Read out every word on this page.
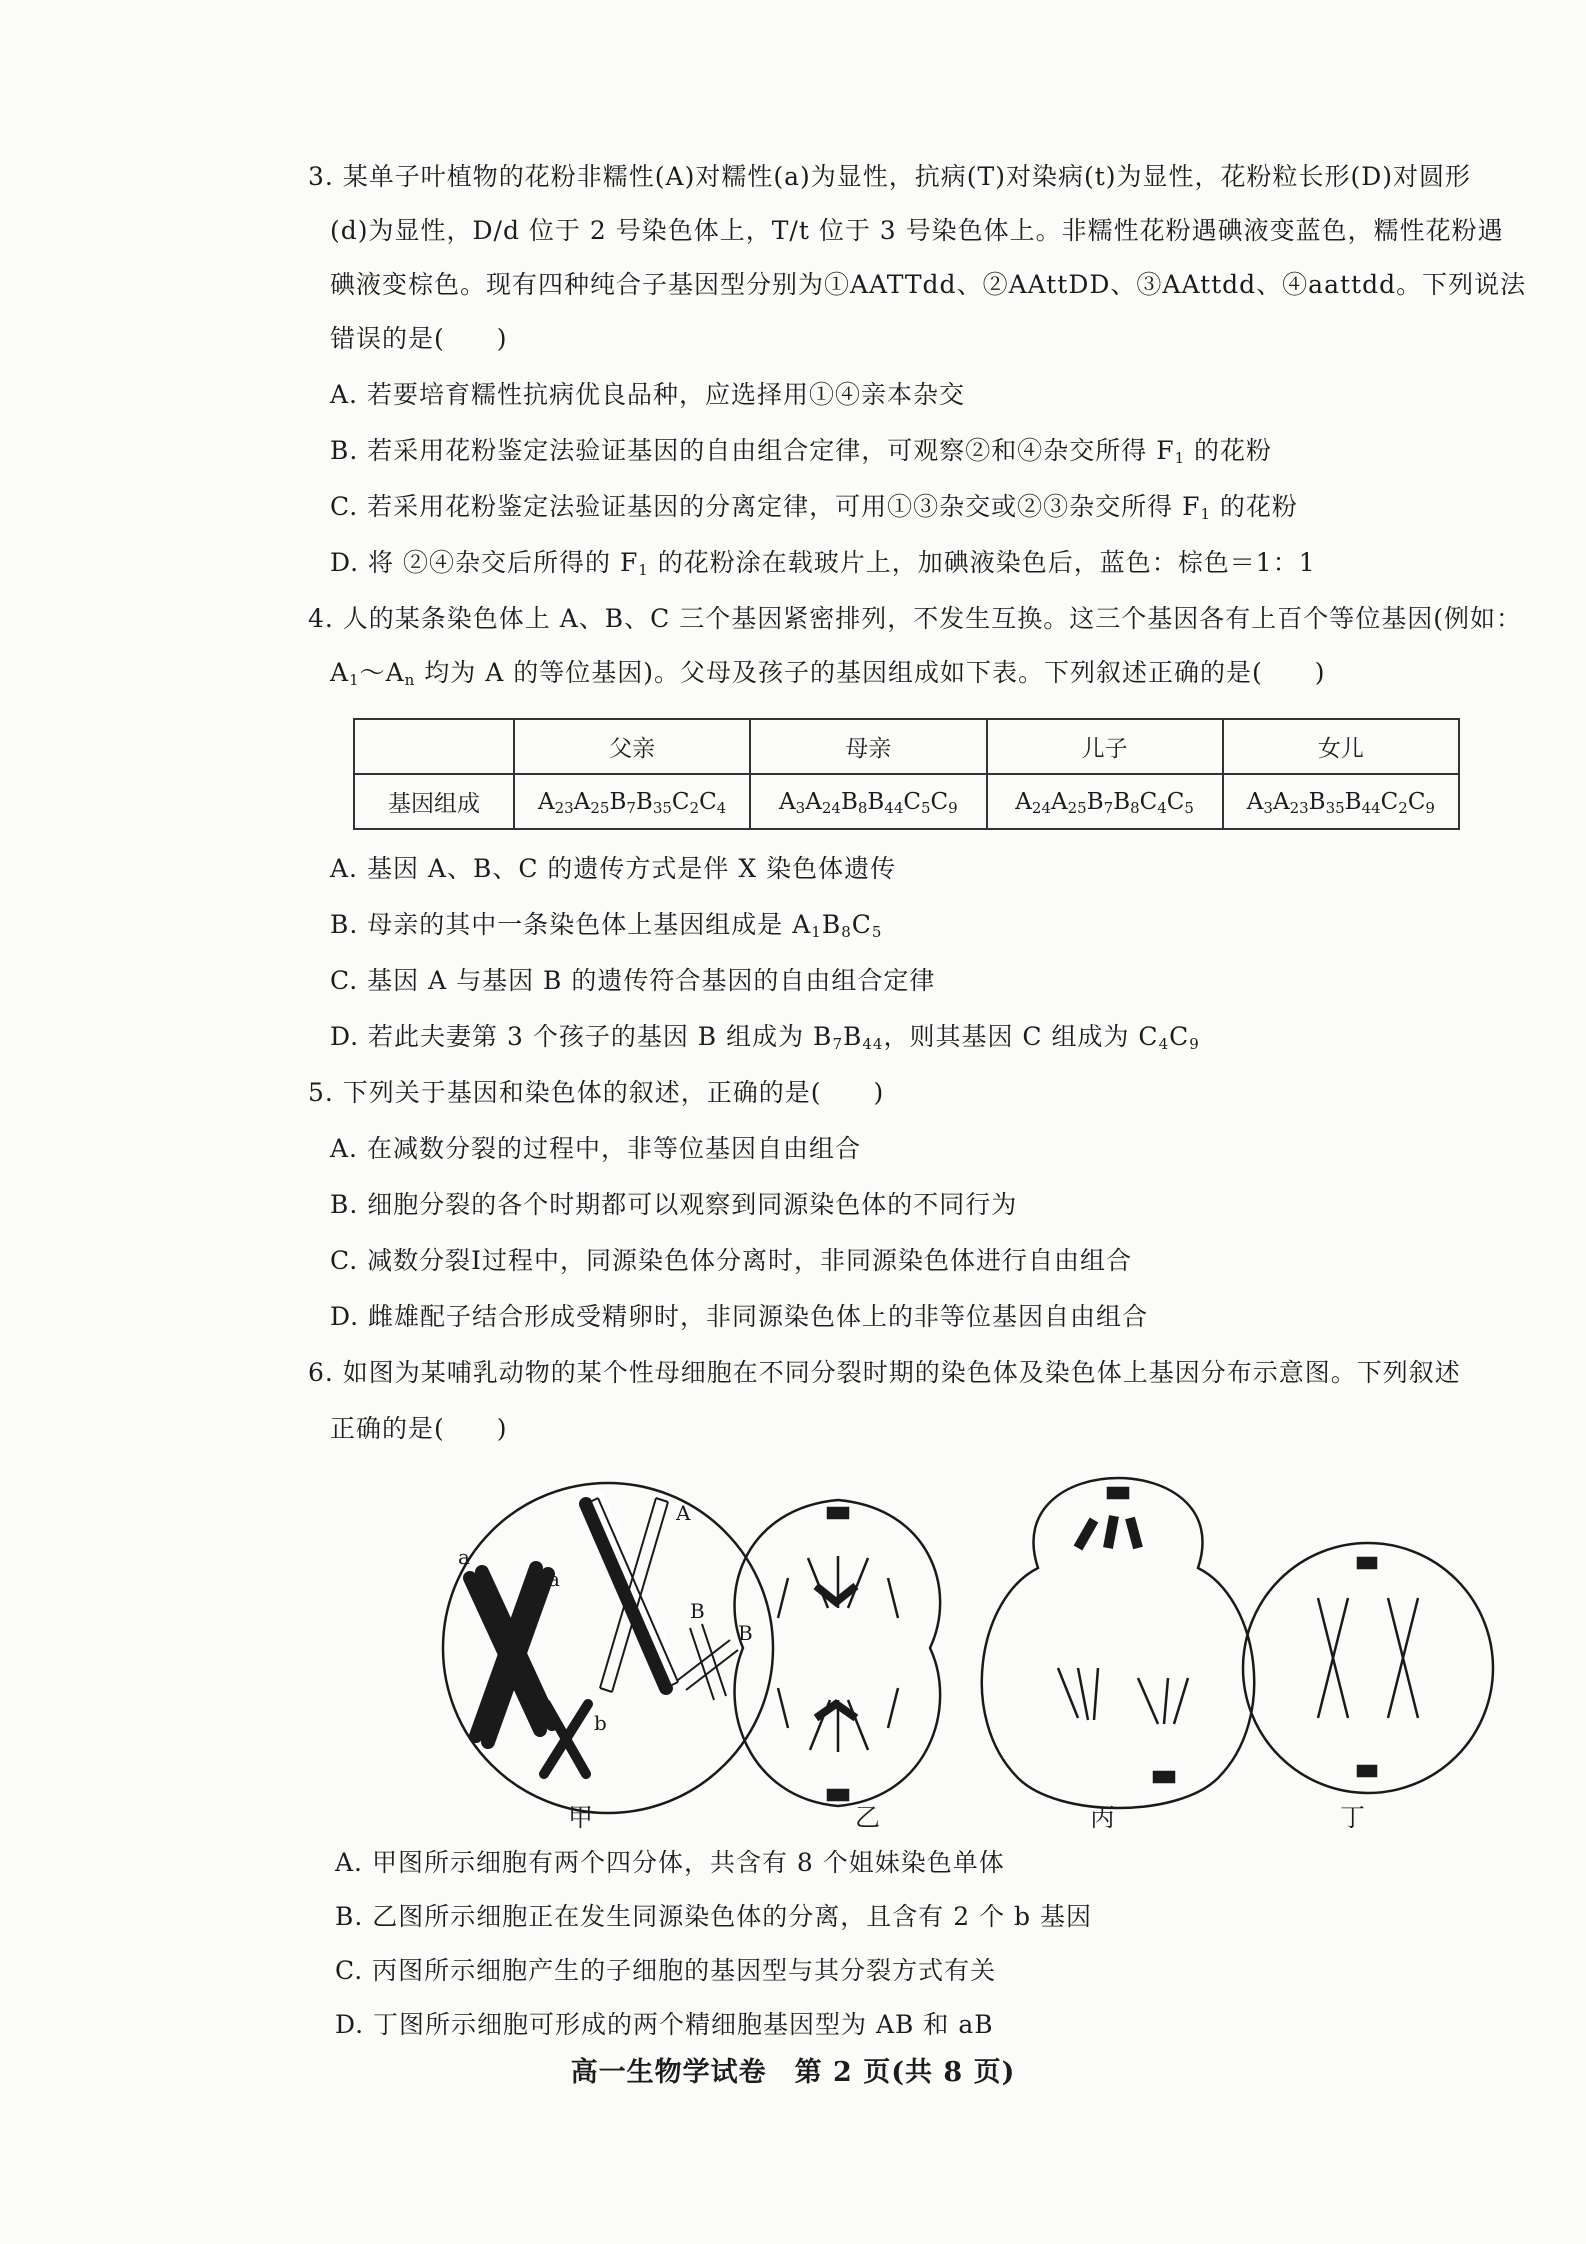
3. 某单子叶植物的花粉非糯性(A)对糯性(a)为显性，抗病(T)对染病(t)为显性，花粉粒长形(D)对圆形
(d)为显性，D/d 位于 2 号染色体上，T/t 位于 3 号染色体上。非糯性花粉遇碘液变蓝色，糯性花粉遇
碘液变棕色。现有四种纯合子基因型分别为①AATTdd、②AAttDD、③AAttdd、④aattdd。下列说法
错误的是(　　)
A. 若要培育糯性抗病优良品种，应选择用①④亲本杂交
B. 若采用花粉鉴定法验证基因的自由组合定律，可观察②和④杂交所得 $F_1$ 的花粉
C. 若采用花粉鉴定法验证基因的分离定律，可用①③杂交或②③杂交所得 $F_1$ 的花粉
D. 将 ②④杂交后所得的 $F_1$ 的花粉涂在载玻片上，加碘液染色后，蓝色：棕色＝1：1
4. 人的某条染色体上 A、B、C 三个基因紧密排列，不发生互换。这三个基因各有上百个等位基因(例如：
$A_1\sim A_n$ 均为 A 的等位基因)。父母及孩子的基因组成如下表。下列叙述正确的是(　　)
	父亲	母亲	儿子	女儿
基因组成	$A_{23}A_{25}B_7B_{35}C_2C_4$	$A_3A_{24}B_8B_{44}C_5C_9$	$A_{24}A_{25}B_7B_8C_4C_5$	$A_3A_{23}B_{35}B_{44}C_2C_9$
A. 基因 A、B、C 的遗传方式是伴 X 染色体遗传
B. 母亲的其中一条染色体上基因组成是 $A_1B_8C_5$
C. 基因 A 与基因 B 的遗传符合基因的自由组合定律
D. 若此夫妻第 3 个孩子的基因 B 组成为 $B_7B_{44}$，则其基因 C 组成为 $C_4C_9$
5. 下列关于基因和染色体的叙述，正确的是(　　)
A. 在减数分裂的过程中，非等位基因自由组合
B. 细胞分裂的各个时期都可以观察到同源染色体的不同行为
C. 减数分裂Ⅰ过程中，同源染色体分离时，非同源染色体进行自由组合
D. 雌雄配子结合形成受精卵时，非同源染色体上的非等位基因自由组合
6. 如图为某哺乳动物的某个性母细胞在不同分裂时期的染色体及染色体上基因分布示意图。下列叙述
正确的是(　　)
a
a
A
B
B
b
b
甲	乙	丙	丁
A. 甲图所示细胞有两个四分体，共含有 8 个姐妹染色单体
B. 乙图所示细胞正在发生同源染色体的分离，且含有 2 个 b 基因
C. 丙图所示细胞产生的子细胞的基因型与其分裂方式有关
D. 丁图所示细胞可形成的两个精细胞基因型为 AB 和 aB
高一生物学试卷　第 2 页(共 8 页)
